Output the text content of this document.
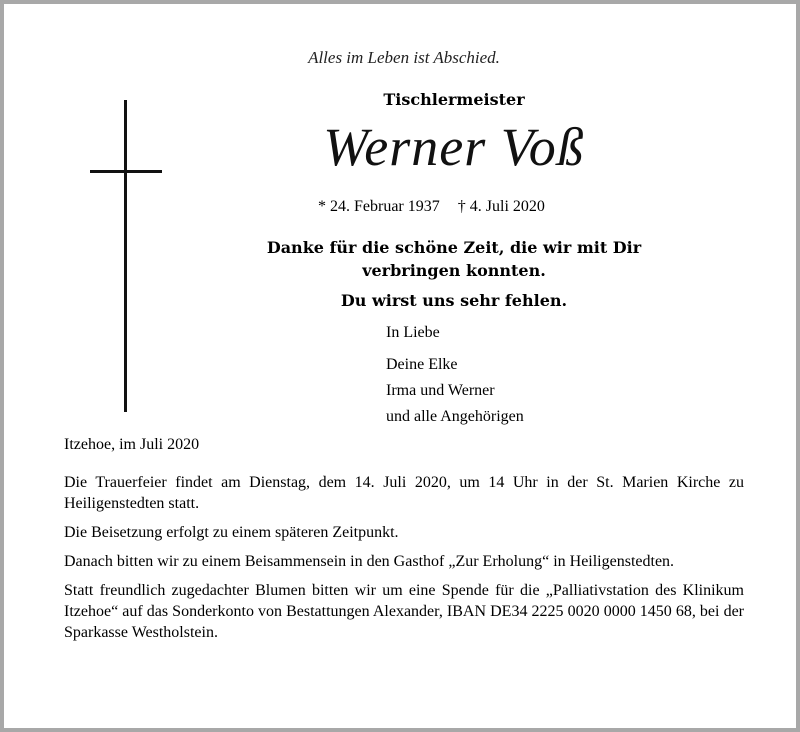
Alles im Leben ist Abschied.
Tischlermeister
Werner Voß
* 24. Februar 1937 † 4. Juli 2020
Danke für die schöne Zeit, die wir mit Dir verbringen konnten.
Du wirst uns sehr fehlen.
In Liebe
Deine Elke
Irma und Werner
und alle Angehörigen
Itzehoe, im Juli 2020

Die Trauerfeier findet am Dienstag, dem 14. Juli 2020, um 14 Uhr in der St. Marien Kirche zu Heiligenstedten statt.

Die Beisetzung erfolgt zu einem späteren Zeitpunkt.

Danach bitten wir zu einem Beisammensein in den Gasthof „Zur Erholung“ in Heiligenstedten.

Statt freundlich zugedachter Blumen bitten wir um eine Spende für die „Palliativstation des Klinikum Itzehoe“ auf das Sonderkonto von Bestattungen Alexander, IBAN DE34 2225 0020 0000 1450 68, bei der Sparkasse Westholstein.
